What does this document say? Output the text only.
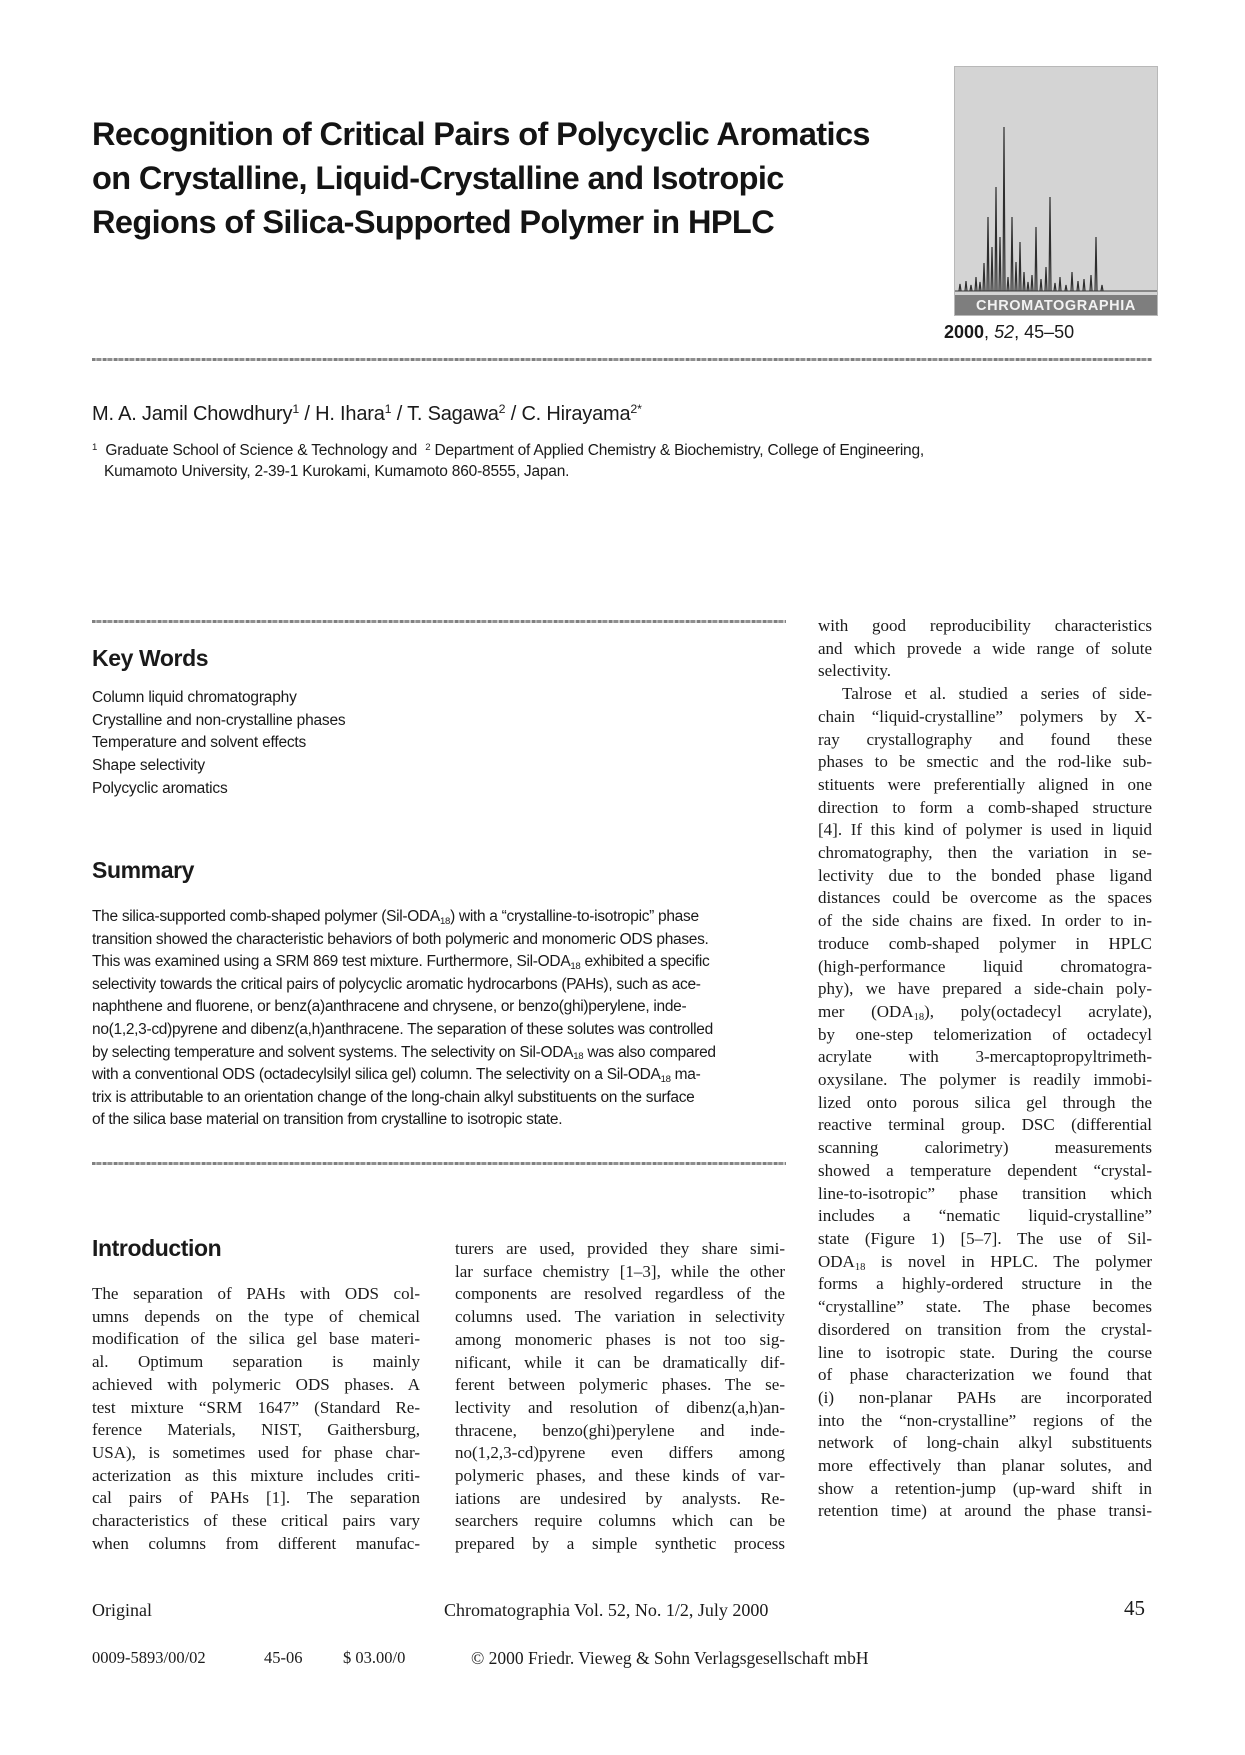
Recognition of Critical Pairs of Polycyclic Aromatics
on Crystalline, Liquid-Crystalline and Isotropic
Regions of Silica-Supported Polymer in HPLC
CHROMATOGRAPHIA
2000, 52, 45–50
M. A. Jamil Chowdhury$^1$ / H. Ihara$^1$ / T. Sagawa$^2$ / C. Hirayama$^{2*}$
$^1$ Graduate School of Science & Technology and $^2$ Department of Applied Chemistry & Biochemistry, College of Engineering,
Kumamoto University, 2-39-1 Kurokami, Kumamoto 860-8555, Japan.
Key Words
Column liquid chromatography
Crystalline and non-crystalline phases
Temperature and solvent effects
Shape selectivity
Polycyclic aromatics
Summary
The silica-supported comb-shaped polymer $(Sil-ODA_{18})$ with a “crystalline-to-isotropic” phase
transition showed the characteristic behaviors of both polymeric and monomeric ODS phases.
This was examined using a SRM 869 test mixture. Furthermore, Sil-$ODA_{18}$ exhibited a specific
selectivity towards the critical pairs of polycyclic aromatic hydrocarbons (PAHs), such as ace-
naphthene and fluorene, or benz(a)anthracene and chrysene, or benzo(ghi)perylene, inde-
no(1,2,3-cd)pyrene and dibenz(a,h)anthracene. The separation of these solutes was controlled
by selecting temperature and solvent systems. The selectivity on Sil-$ODA_{18}$ was also compared
with a conventional ODS (octadecylsilyl silica gel) column. The selectivity on a Sil-$ODA_{18}$ ma-
trix is attributable to an orientation change of the long-chain alkyl substituents on the surface
of the silica base material on transition from crystalline to isotropic state.
Introduction
The separation of PAHs with ODS col-
umns depends on the type of chemical
modification of the silica gel base materi-
al. Optimum separation is mainly
achieved with polymeric ODS phases. A
test mixture “SRM 1647” (Standard Re-
ference Materials, NIST, Gaithersburg,
USA), is sometimes used for phase char-
acterization as this mixture includes criti-
cal pairs of PAHs [1]. The separation
characteristics of these critical pairs vary
when columns from different manufac-
turers are used, provided they share simi-
lar surface chemistry [1–3], while the other
components are resolved regardless of the
columns used. The variation in selectivity
among monomeric phases is not too sig-
nificant, while it can be dramatically dif-
ferent between polymeric phases. The se-
lectivity and resolution of dibenz(a,h)an-
thracene, benzo(ghi)perylene and inde-
no(1,2,3-cd)pyrene even differs among
polymeric phases, and these kinds of var-
iations are undesired by analysts. Re-
searchers require columns which can be
prepared by a simple synthetic process
with good reproducibility characteristics
and which provede a wide range of solute
selectivity.
Talrose et al. studied a series of side-
chain “liquid-crystalline” polymers by X-
ray crystallography and found these
phases to be smectic and the rod-like sub-
stituents were preferentially aligned in one
direction to form a comb-shaped structure
[4]. If this kind of polymer is used in liquid
chromatography, then the variation in se-
lectivity due to the bonded phase ligand
distances could be overcome as the spaces
of the side chains are fixed. In order to in-
troduce comb-shaped polymer in HPLC
(high-performance liquid chromatogra-
phy), we have prepared a side-chain poly-
mer $(ODA_{18})$, poly(octadecyl acrylate),
by one-step telomerization of octadecyl
acrylate with 3-mercaptopropyltrimeth-
oxysilane. The polymer is readily immobi-
lized onto porous silica gel through the
reactive terminal group. DSC (differential
scanning calorimetry) measurements
showed a temperature dependent “crystal-
line-to-isotropic” phase transition which
includes a “nematic liquid-crystalline”
state (Figure 1) [5–7]. The use of Sil-
$ODA_{18}$ is novel in HPLC. The polymer
forms a highly-ordered structure in the
“crystalline” state. The phase becomes
disordered on transition from the crystal-
line to isotropic state. During the course
of phase characterization we found that
(i) non-planar PAHs are incorporated
into the “non-crystalline” regions of the
network of long-chain alkyl substituents
more effectively than planar solutes, and
show a retention-jump (up-ward shift in
retention time) at around the phase transi-
Original	Chromatographia Vol. 52, No. 1/2, July 2000	45
0009-5893/00/02	45-06 $ 03.00/0	© 2000 Friedr. Vieweg & Sohn Verlagsgesellschaft mbH
